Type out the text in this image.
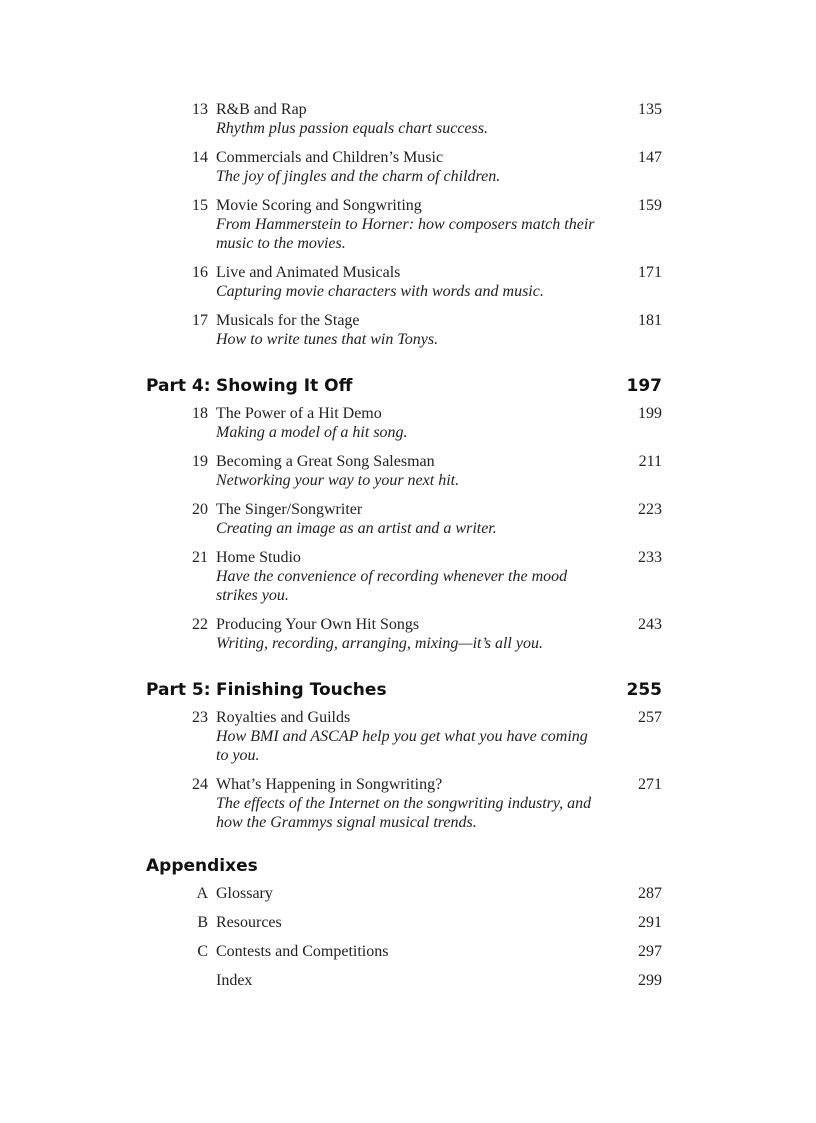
13 R&B and Rap	135
Rhythm plus passion equals chart success.
14 Commercials and Children’s Music	147
The joy of jingles and the charm of children.
15 Movie Scoring and Songwriting	159
From Hammerstein to Horner: how composers match their
music to the movies.
16 Live and Animated Musicals	171
Capturing movie characters with words and music.
17 Musicals for the Stage	181
How to write tunes that win Tonys.
Part 4: Showing It Off	197
18 The Power of a Hit Demo	199
Making a model of a hit song.
19 Becoming a Great Song Salesman	211
Networking your way to your next hit.
20 The Singer/Songwriter	223
Creating an image as an artist and a writer.
21 Home Studio	233
Have the convenience of recording whenever the mood
strikes you.
22 Producing Your Own Hit Songs	243
Writing, recording, arranging, mixing—it’s all you.
Part 5: Finishing Touches	255
23 Royalties and Guilds	257
How BMI and ASCAP help you get what you have coming
to you.
24 What’s Happening in Songwriting?	271
The effects of the Internet on the songwriting industry, and
how the Grammys signal musical trends.
Appendixes
A Glossary	287
B Resources	291
C Contests and Competitions	297
Index	299
